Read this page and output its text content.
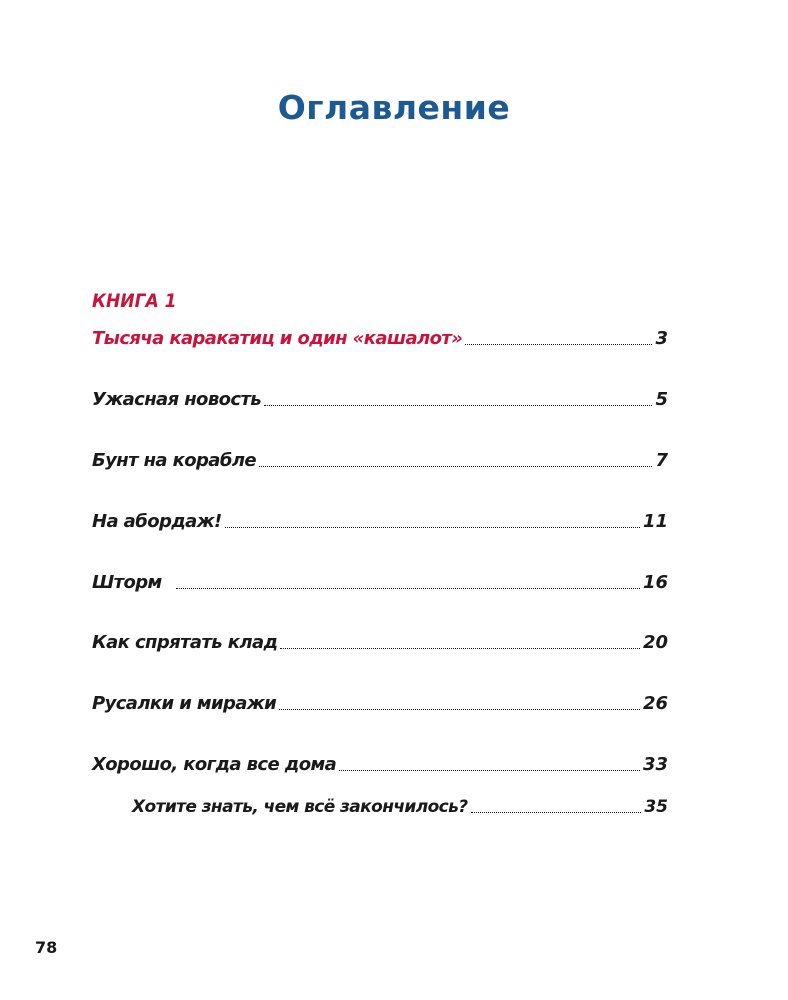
Оглавление
КНИГА 1
Тысяча каракатиц и один «кашалот»	3
Ужасная новость	5
Бунт на корабле	7
На абордаж!	11
Шторм	16
Как спрятать клад	20
Русалки и миражи	26
Хорошо, когда все дома	33
Хотите знать, чем всё закончилось?	35
78
